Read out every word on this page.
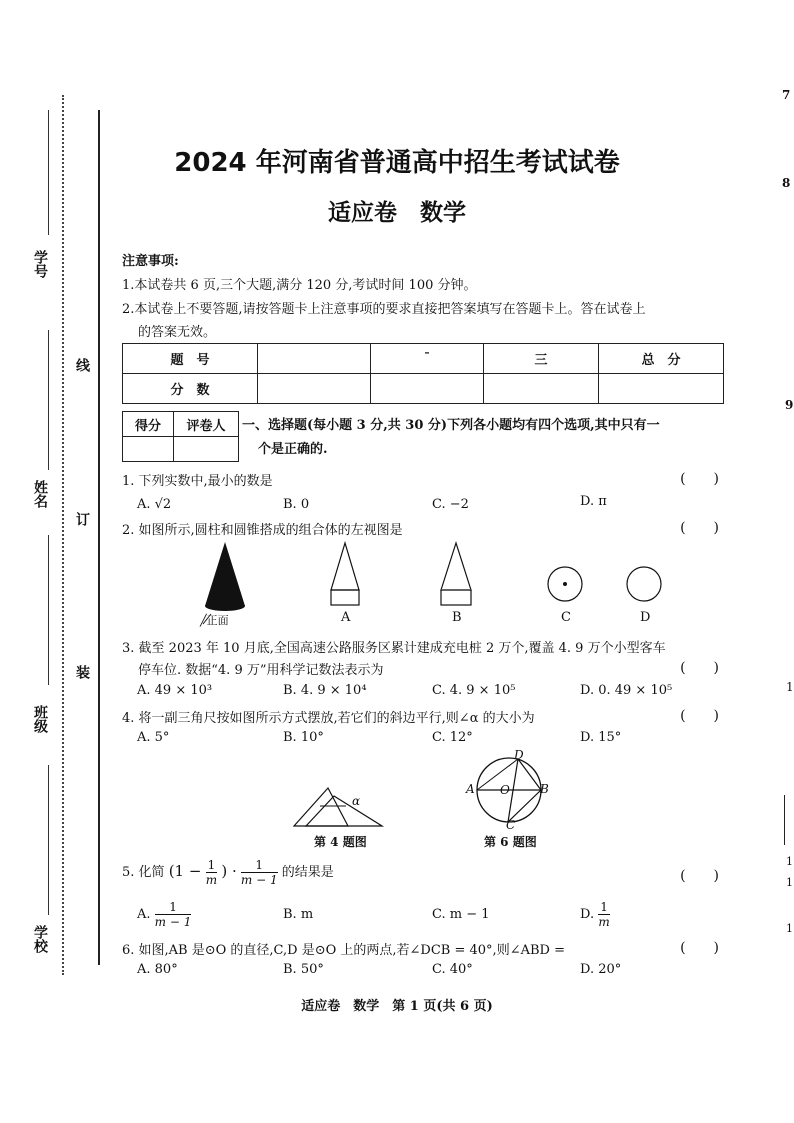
学号
姓名
班级
学校
线
订
装
7
8
9
1
1
1
1
2024 年河南省普通高中招生考试试卷
适应卷　数学
注意事项:
1.本试卷共 6 页,三个大题,满分 120 分,考试时间 100 分钟。
2.本试卷上不要答题,请按答题卡上注意事项的要求直接把答案填写在答题卡上。答在试卷上
的答案无效。
题　号		ˉ	三	总　分
分　数				
得分	评卷人
	一、选择题(每小题 3 分,共 30 分)下列各小题均有四个选项,其中只有一
个是正确的.
1. 下列实数中,最小的数是	(　　)
A. √2	B. 0	C. −2	D. π
2. 如图所示,圆柱和圆锥搭成的组合体的左视图是	(　　)
╱正面	A	B	C	D
3. 截至 2023 年 10 月底,全国高速公路服务区累计建成充电桩 2 万个,覆盖 4. 9 万个小型客车
停车位. 数据“4. 9 万”用科学记数法表示为	(　　)
A. 49 × 10³	B. 4. 9 × 10⁴	C. 4. 9 × 10⁵	D. 0. 49 × 10⁵
4. 将一副三角尺按如图所示方式摆放,若它们的斜边平行,则∠α 的大小为	(　　)
A. 5°	B. 10°	C. 12°	D. 15°
α
第 4 题图
A	B
D
O
C
第 6 题图
5. 化简 ($1 - \frac{1}{m}$ ) · $\frac{1}{m - 1}$ 的结果是	(　　)
A. $\frac{1}{m - 1}$	B. m	C. m − 1	D. $\frac{1}{m}$
6. 如图,AB 是⊙O 的直径,C,D 是⊙O 上的两点,若∠DCB = 40°,则∠ABD =	(　　)
A. 80°	B. 50°	C. 40°	D. 20°
适应卷　数学　第 1 页(共 6 页)
